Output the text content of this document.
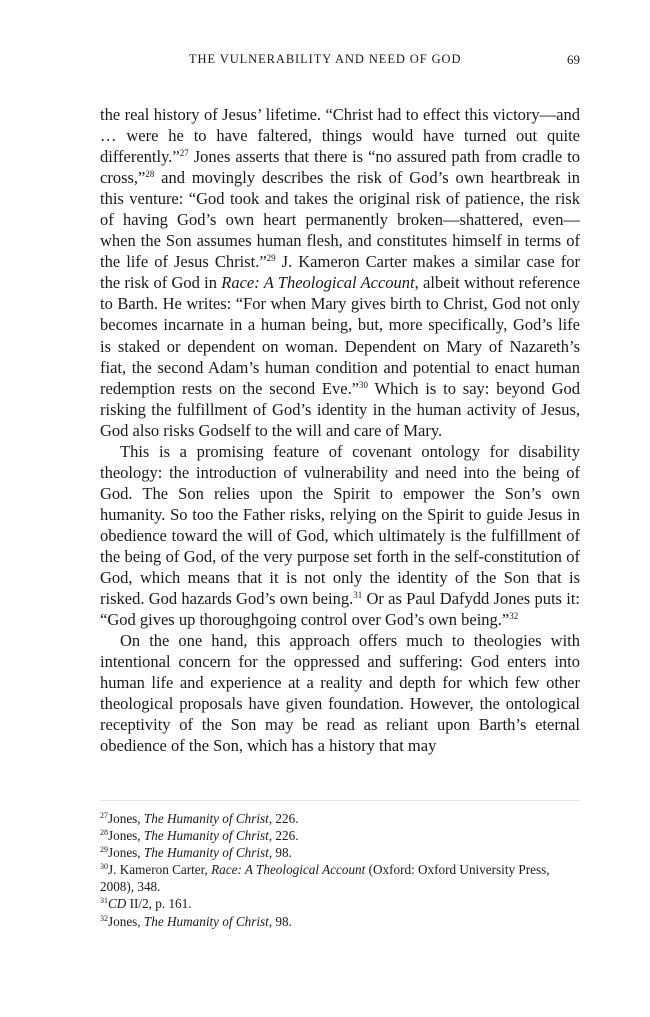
THE VULNERABILITY AND NEED OF GOD	69

the real history of Jesus’ lifetime. “Christ had to effect this victory—and … were he to have faltered, things would have turned out quite differently.”$^{27}$ Jones asserts that there is “no assured path from cradle to cross,”$^{28}$ and movingly describes the risk of God’s own heartbreak in this venture: “God took and takes the original risk of patience, the risk of having God’s own heart permanently broken—shattered, even—when the Son assumes human flesh, and constitutes himself in terms of the life of Jesus Christ.”$^{29}$ J. Kameron Carter makes a similar case for the risk of God in Race: A Theological Account, albeit without reference to Barth. He writes: “For when Mary gives birth to Christ, God not only becomes incarnate in a human being, but, more specifically, God’s life is staked or dependent on woman. Dependent on Mary of Nazareth’s fiat, the second Adam’s human condition and potential to enact human redemption rests on the second Eve.”$^{30}$ Which is to say: beyond God risking the fulfillment of God’s identity in the human activity of Jesus, God also risks Godself to the will and care of Mary.

This is a promising feature of covenant ontology for disability theology: the introduction of vulnerability and need into the being of God. The Son relies upon the Spirit to empower the Son’s own humanity. So too the Father risks, relying on the Spirit to guide Jesus in obedience toward the will of God, which ultimately is the fulfillment of the being of God, of the very purpose set forth in the self-constitution of God, which means that it is not only the identity of the Son that is risked. God hazards God’s own being.$^{31}$ Or as Paul Dafydd Jones puts it: “God gives up thoroughgoing control over God’s own being.”$^{32}$

On the one hand, this approach offers much to theologies with intentional concern for the oppressed and suffering: God enters into human life and experience at a reality and depth for which few other theological proposals have given foundation. However, the ontological receptivity of the Son may be read as reliant upon Barth’s eternal obedience of the Son, which has a history that may

$^{27}$Jones, The Humanity of Christ, 226.

$^{28}$Jones, The Humanity of Christ, 226.

$^{29}$Jones, The Humanity of Christ, 98.

$^{30}$J. Kameron Carter, Race: A Theological Account (Oxford: Oxford University Press, 2008), 348.

$^{31}$CD II/2, p. 161.

$^{32}$Jones, The Humanity of Christ, 98.
